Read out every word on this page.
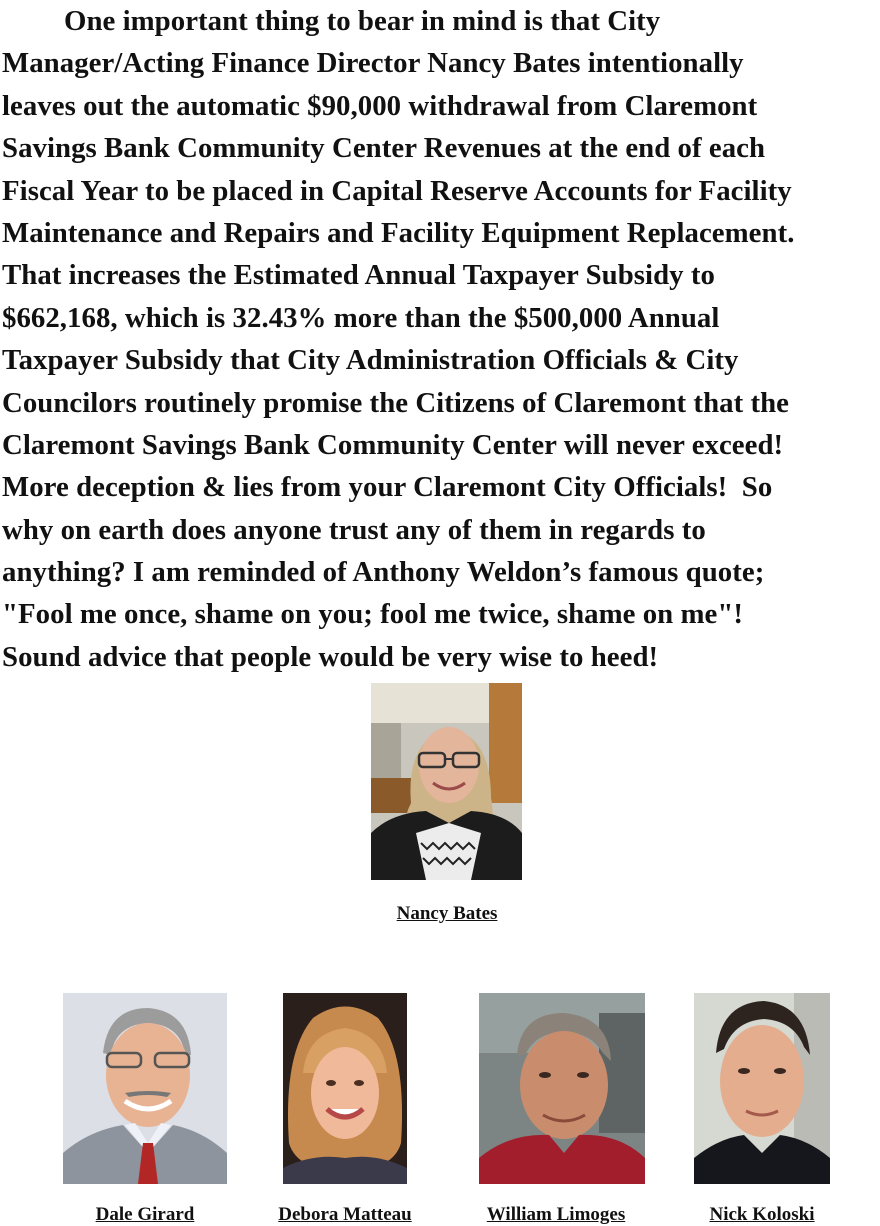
One important thing to bear in mind is that City
Manager/Acting Finance Director Nancy Bates intentionally
leaves out the automatic $90,000 withdrawal from Claremont
Savings Bank Community Center Revenues at the end of each
Fiscal Year to be placed in Capital Reserve Accounts for Facility
Maintenance and Repairs and Facility Equipment Replacement.
That increases the Estimated Annual Taxpayer Subsidy to
$662,168, which is 32.43% more than the $500,000 Annual
Taxpayer Subsidy that City Administration Officials & City
Councilors routinely promise the Citizens of Claremont that the
Claremont Savings Bank Community Center will never exceed!
More deception & lies from your Claremont City Officials!  So
why on earth does anyone trust any of them in regards to
anything? I am reminded of Anthony Weldon’s famous quote;
"Fool me once, shame on you; fool me twice, shame on me"!
Sound advice that people would be very wise to heed!
Nancy Bates
Dale Girard	Debora Matteau	William Limoges	Nick Koloski
